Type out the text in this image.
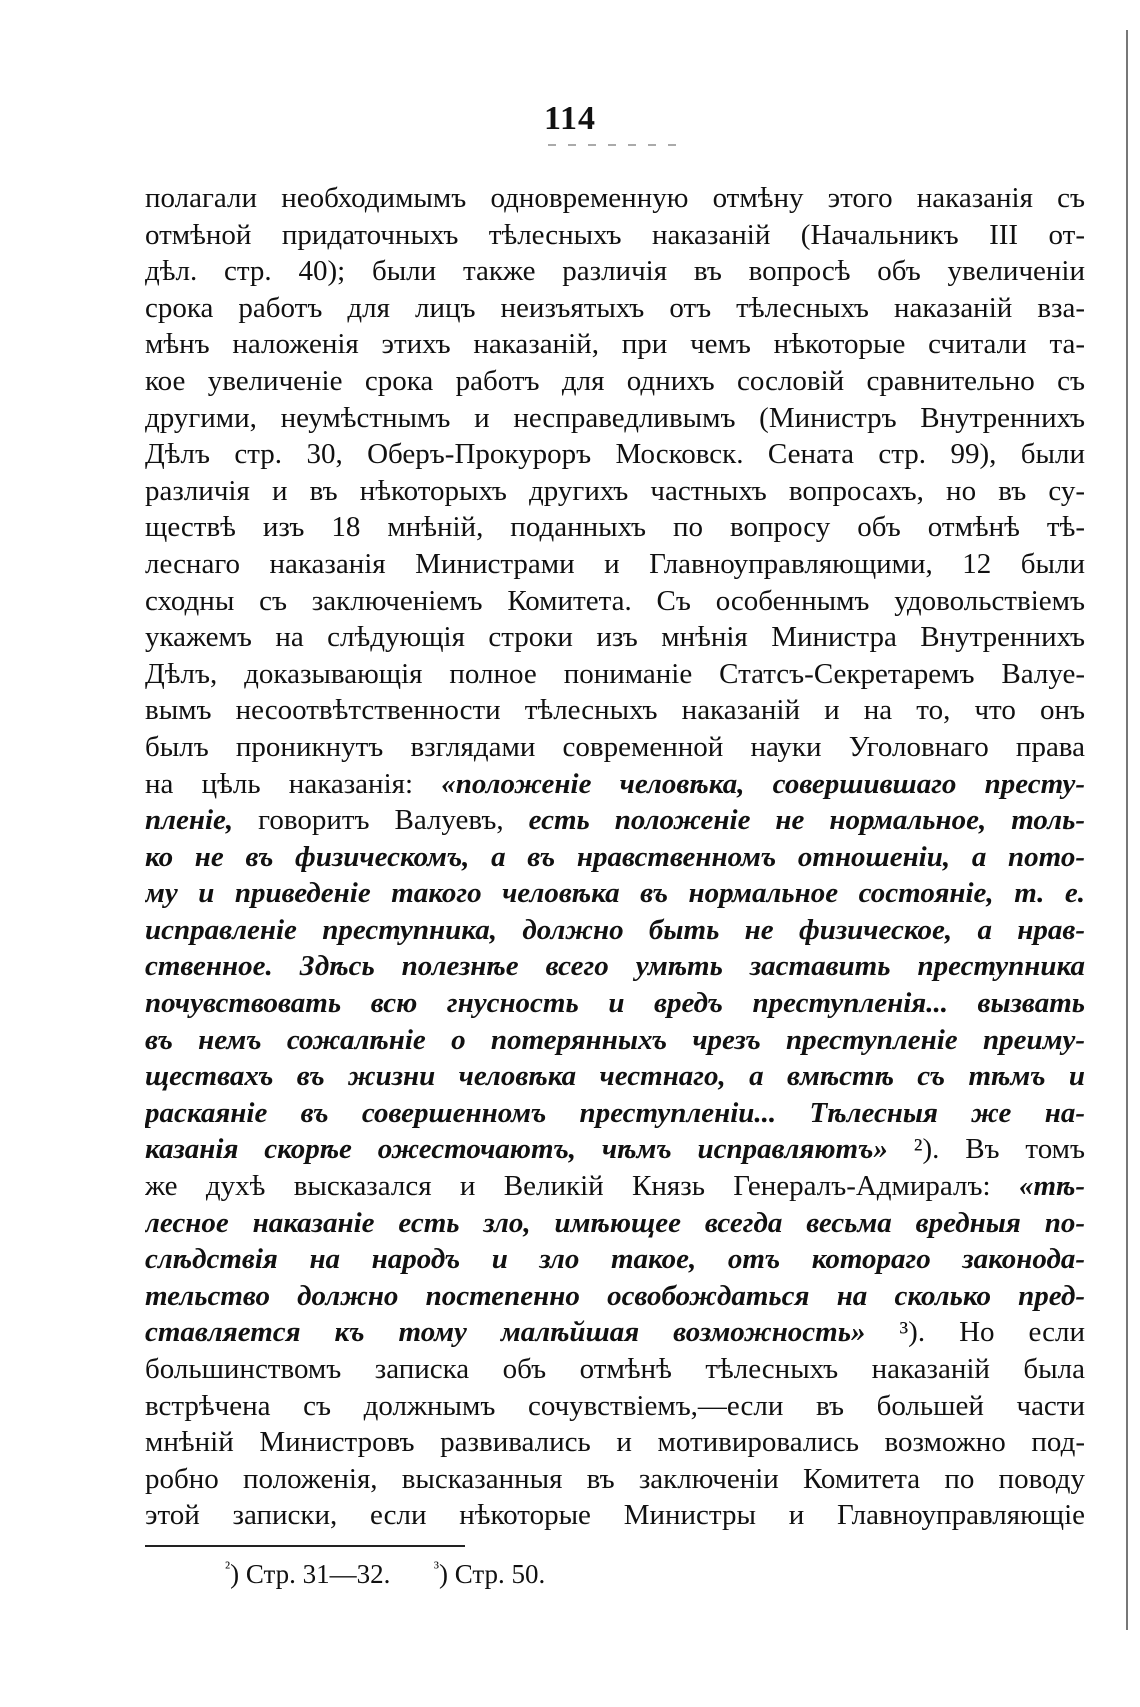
114
полагали необходимымъ одновременную отмѣну этого наказанія съ
отмѣной придаточныхъ тѣлесныхъ наказаній (Начальникъ III от-
дѣл. стр. 40); были также различія въ вопросѣ объ увеличеніи
срока работъ для лицъ неизъятыхъ отъ тѣлесныхъ наказаній вза-
мѣнъ наложенія этихъ наказаній, при чемъ нѣкоторые считали та-
кое увеличеніе срока работъ для однихъ сословій сравнительно съ
другими, неумѣстнымъ и несправедливымъ (Министръ Внутреннихъ
Дѣлъ стр. 30, Оберъ-Прокуроръ Московск. Сената стр. 99), были
различія и въ нѣкоторыхъ другихъ частныхъ вопросахъ, но въ су-
ществѣ изъ 18 мнѣній, поданныхъ по вопросу объ отмѣнѣ тѣ-
леснаго наказанія Министрами и Главноуправляющими, 12 были
сходны съ заключеніемъ Комитета. Съ особеннымъ удовольствіемъ
укажемъ на слѣдующія строки изъ мнѣнія Министра Внутреннихъ
Дѣлъ, доказывающія полное пониманіе Статсъ-Секретаремъ Валуе-
вымъ несоотвѣтственности тѣлесныхъ наказаній и на то, что онъ
былъ проникнутъ взглядами современной науки Уголовнаго права
на цѣль наказанія: «положеніе человѣка, совершившаго престу-
пленіе, говоритъ Валуевъ, есть положеніе не нормальное, толь-
ко не въ физическомъ, а въ нравственномъ отношеніи, а пото-
му и приведеніе такого человѣка въ нормальное состояніе, т. е.
исправленіе преступника, должно быть не физическое, а нрав-
ственное. Здѣсь полезнѣе всего умѣть заставить преступника
почувствовать всю гнусность и вредъ преступленія... вызвать
въ немъ сожалѣніе о потерянныхъ чрезъ преступленіе преиму-
ществахъ въ жизни человѣка честнаго, а вмѣстѣ съ тѣмъ и
раскаяніе въ совершенномъ преступленіи... Тѣлесныя же на-
казанія скорѣе ожесточаютъ, чѣмъ исправляютъ» ²). Въ томъ
же духѣ высказался и Великій Князь Генералъ-Адмиралъ: «тѣ-
лесное наказаніе есть зло, имѣющее всегда весьма вредныя по-
слѣдствія на народъ и зло такое, отъ котораго законода-
тельство должно постепенно освобождаться на сколько пред-
ставляется къ тому малѣйшая возможность» ³). Но если
большинствомъ записка объ отмѣнѣ тѣлесныхъ наказаній была
встрѣчена съ должнымъ сочувствіемъ,—если въ большей части
мнѣній Министровъ развивались и мотивировались возможно под-
робно положенія, высказанныя въ заключеніи Комитета по поводу
этой записки, если нѣкоторые Министры и Главноуправляющіе
$^{^2}$) Стр. 31—32.	$^{^3}$) Стр. 50.
